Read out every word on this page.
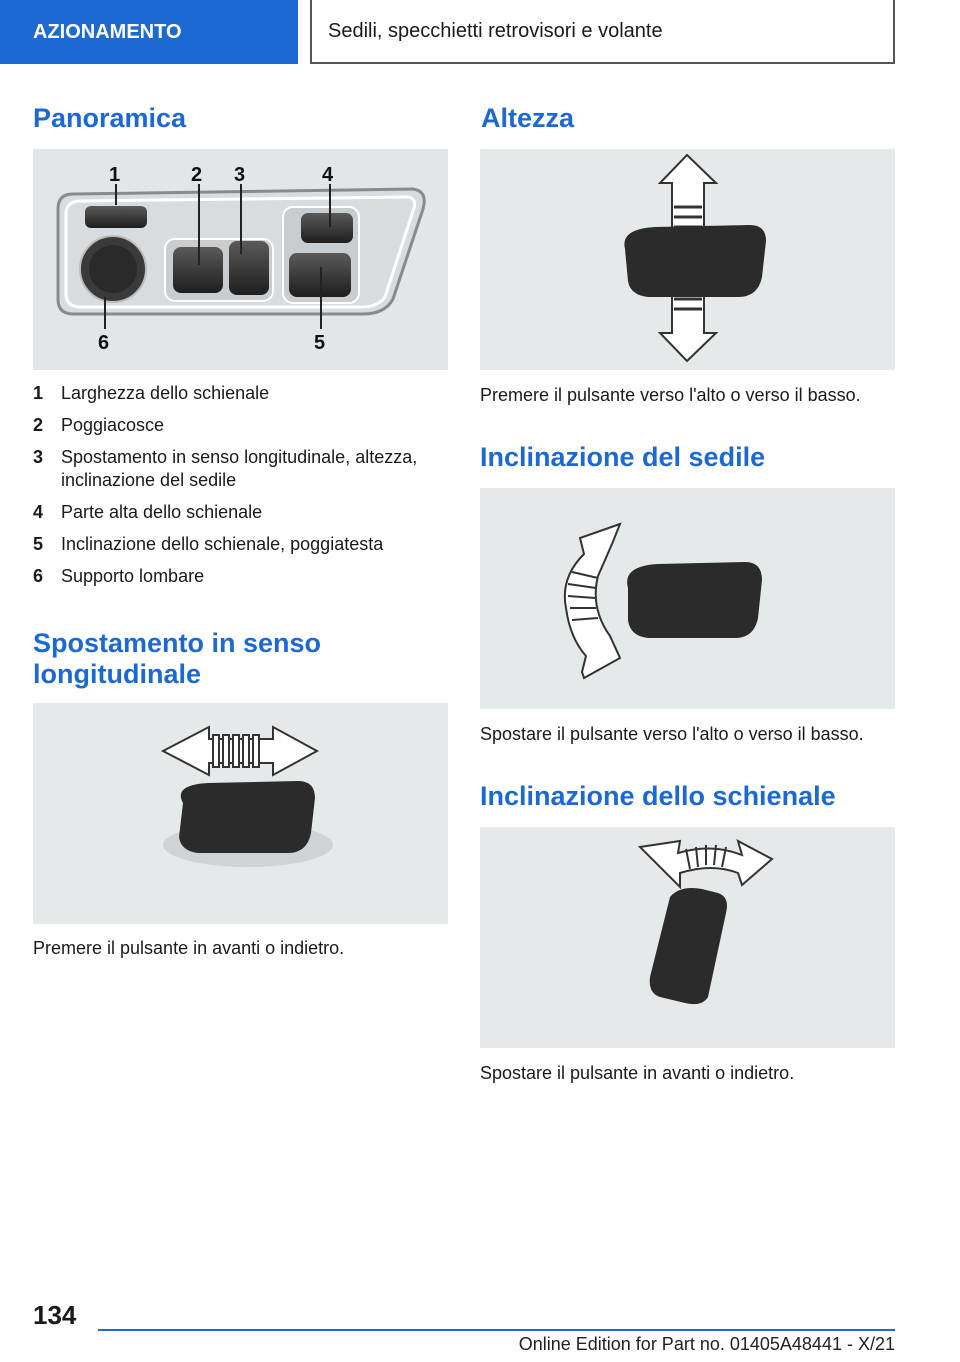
AZIONAMENTO	Sedili, specchietti retrovisori e volante
Panoramica
1	2 3	4
5
6
1 Larghezza dello schienale
2 Poggiacosce
3 Spostamento in senso longitudinale, altezza, inclinazione del sedile
4 Parte alta dello schienale
5 Inclinazione dello schienale, poggiatesta
6 Supporto lombare
Spostamento in senso longitudinale

Premere il pulsante in avanti o indietro.

Altezza

Premere il pulsante verso l'alto o verso il basso.

Inclinazione del sedile

Spostare il pulsante verso l'alto o verso il basso.

Inclinazione dello schienale

Spostare il pulsante in avanti o indietro.

134
Online Edition for Part no. 01405A48441 - X/21
